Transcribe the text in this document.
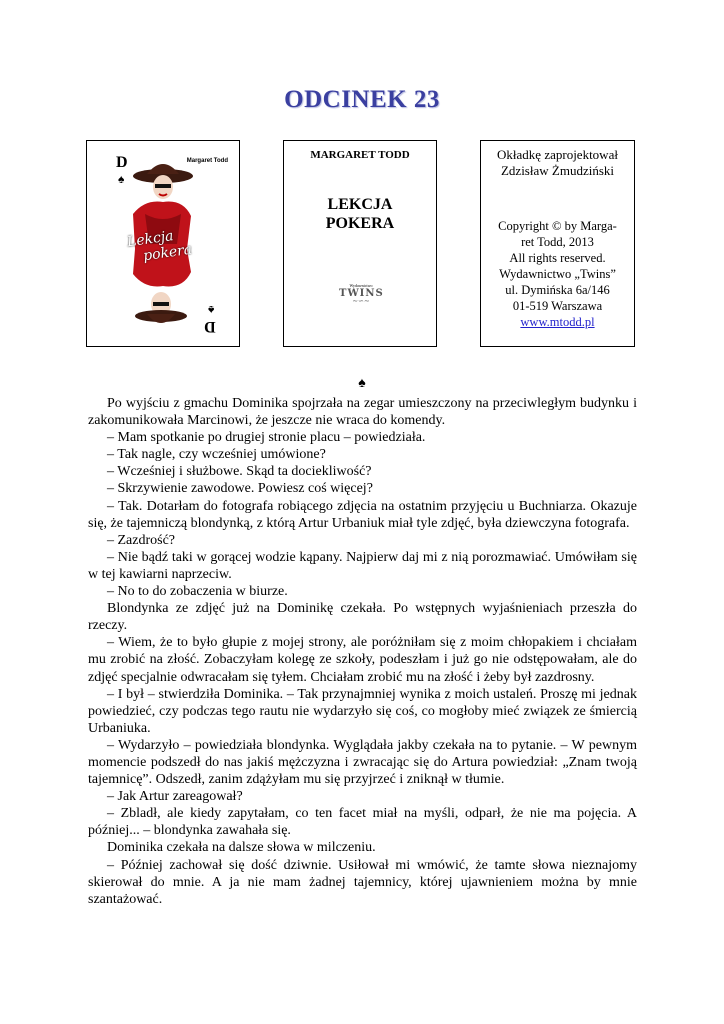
ODCINEK 23
D
♠
Margaret Todd
Lekcja
pokera
♠
D
MARGARET TODD
LEKCJA
POKERA
Wydawnictwo
TWINS
∼∽∼
Okładkę zaprojektował
Zdzisław Żmudziński
Copyright © by Marga-
ret Todd, 2013
All rights reserved.
Wydawnictwo „Twins”
ul. Dymińska 6a/146
01-519 Warszawa
www.mtodd.pl
♠

Po wyjściu z gmachu Dominika spojrzała na zegar umieszczony na przeciwległym budynku i zakomunikowała Marcinowi, że jeszcze nie wraca do komendy.

– Mam spotkanie po drugiej stronie placu – powiedziała.

– Tak nagle, czy wcześniej umówione?

– Wcześniej i służbowe. Skąd ta dociekliwość?

– Skrzywienie zawodowe. Powiesz coś więcej?

– Tak. Dotarłam do fotografa robiącego zdjęcia na ostatnim przyjęciu u Buchniarza. Okazuje się, że tajemniczą blondynką, z którą Artur Urbaniuk miał tyle zdjęć, była dziewczyna fotografa.

– Zazdrość?

– Nie bądź taki w gorącej wodzie kąpany. Najpierw daj mi z nią porozmawiać. Umówiłam się w tej kawiarni naprzeciw.

– No to do zobaczenia w biurze.

Blondynka ze zdjęć już na Dominikę czekała. Po wstępnych wyjaśnieniach przeszła do rzeczy.

– Wiem, że to było głupie z mojej strony, ale poróżniłam się z moim chłopakiem i chciałam mu zrobić na złość. Zobaczyłam kolegę ze szkoły, podeszłam i już go nie odstępowałam, ale do zdjęć specjalnie odwracałam się tyłem. Chciałam zrobić mu na złość i żeby był zazdrosny.

– I był – stwierdziła Dominika. – Tak przynajmniej wynika z moich ustaleń. Proszę mi jednak powiedzieć, czy podczas tego rautu nie wydarzyło się coś, co mogłoby mieć związek ze śmiercią Urbaniuka.

– Wydarzyło – powiedziała blondynka. Wyglądała jakby czekała na to pytanie. – W pewnym momencie podszedł do nas jakiś mężczyzna i zwracając się do Artura powiedział: „Znam twoją tajemnicę”. Odszedł, zanim zdążyłam mu się przyjrzeć i zniknął w tłumie.

– Jak Artur zareagował?

– Zbladł, ale kiedy zapytałam, co ten facet miał na myśli, odparł, że nie ma pojęcia. A później... – blondynka zawahała się.

Dominika czekała na dalsze słowa w milczeniu.

– Później zachował się dość dziwnie. Usiłował mi wmówić, że tamte słowa nieznajomy skierował do mnie. A ja nie mam żadnej tajemnicy, której ujawnieniem można by mnie szantażować.
